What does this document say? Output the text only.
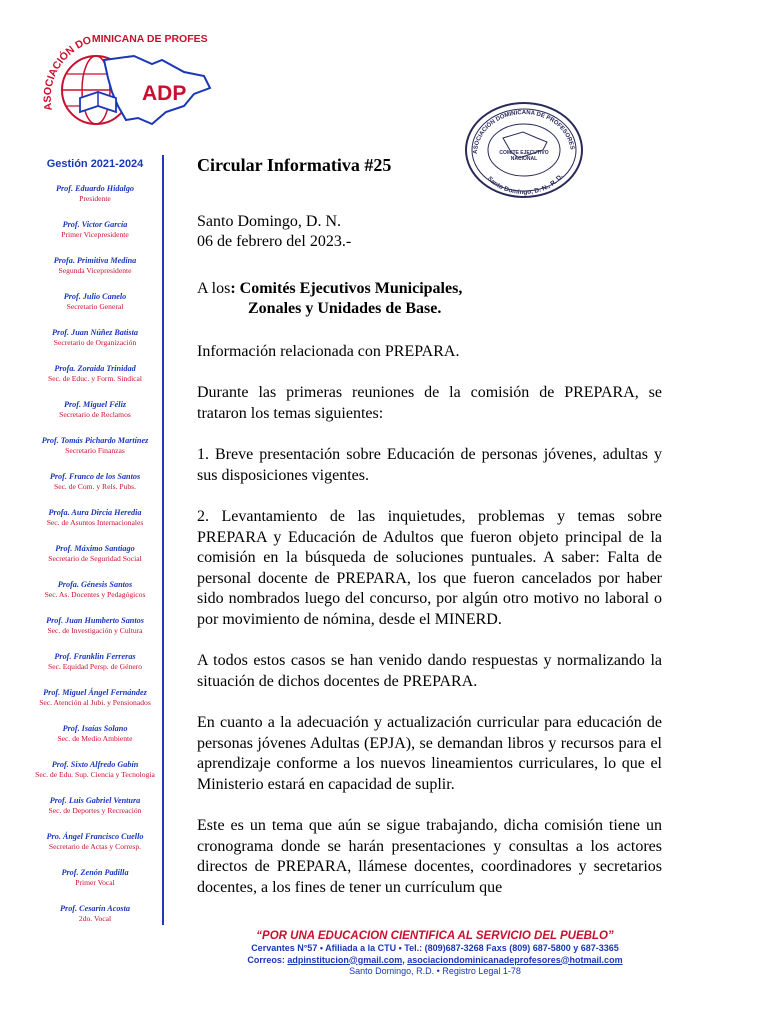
ASOCIACIÓN DOMINICANA DE PROFES
ADP
ASOCIACIÓN DOMINICANA DE PROFESORES
Santo Domingo, D. N., R. D.
COMITÉ EJECUTIVO NACIONAL
Gestión 2021-2024
Prof. Eduardo Hidalgo
Presidente
Prof. Victor García
Primer Vicepresidente
Profa. Primitiva Medina
Segunda Vicepresidente
Prof. Julio Canelo
Secretario General
Prof. Juan Núñez Batista
Secretario de Organización
Profa. Zoraida Trinidad
Sec. de Educ. y Form. Sindical
Prof. Miguel Féliz
Secretario de Reclamos
Prof. Tomás Pichardo Martínez
Secretario Finanzas
Prof. Franco de los Santos
Sec. de Com. y Rels. Pubs.
Profa. Aura Dircia Heredia
Sec. de Asuntos Internacionales
Prof. Máximo Santiago
Secretario de Seguridad Social
Profa. Génesis Santos
Sec. As. Docentes y Pedagógicos
Prof. Juan Humberto Santos
Sec. de Investigación y Cultura
Prof. Franklin Ferreras
Sec. Equidad Persp. de Género
Prof. Miguel Ángel Fernández
Sec. Atención al Jubi. y Pensionados
Prof. Isaías Solano
Sec. de Medio Ambiente
Prof. Sixto Alfredo Gabín
Sec. de Edu. Sup. Ciencia y Tecnología
Prof. Luis Gabriel Ventura
Sec. de Deportes y Recreación
Pro. Ángel Francisco Cuello
Secretario de Actas y Corresp.
Prof. Zenón Padilla
Primer Vocal
Prof. Cesarín Acosta
2do. Vocal
Circular Informativa #25
Santo Domingo, D. N.
06 de febrero del 2023.-
A los: Comités Ejecutivos Municipales,
Zonales y Unidades de Base.
Información relacionada con PREPARA.
Durante las primeras reuniones de la comisión de PREPARA, se trataron los temas siguientes:
1. Breve presentación sobre Educación de personas jóvenes, adultas y sus disposiciones vigentes.
2. Levantamiento de las inquietudes, problemas y temas sobre PREPARA y Educación de Adultos que fueron objeto principal de la comisión en la búsqueda de soluciones puntuales. A saber: Falta de personal docente de PREPARA, los que fueron cancelados por haber sido nombrados luego del concurso, por algún otro motivo no laboral o por movimiento de nómina, desde el MINERD.
A todos estos casos se han venido dando respuestas y normalizando la situación de dichos docentes de PREPARA.
En cuanto a la adecuación y actualización curricular para educación de personas jóvenes Adultas (EPJA), se demandan libros y recursos para el aprendizaje conforme a los nuevos lineamientos curriculares, lo que el Ministerio estará en capacidad de suplir.
Este es un tema que aún se sigue trabajando, dicha comisión tiene un cronograma donde se harán presentaciones y consultas a los actores directos de PREPARA, llámese docentes, coordinadores y secretarios docentes, a los fines de tener un currículum que
“POR UNA EDUCACION CIENTIFICA AL SERVICIO DEL PUEBLO”
Cervantes N°57 • Afiliada a la CTU • Tel.: (809)687-3268 Faxs (809) 687-5800 y 687-3365
Correos: adpinstitucion@gmail.com, asociaciondominicanadeprofesores@hotmail.com
Santo Domingo, R.D. • Registro Legal 1-78
